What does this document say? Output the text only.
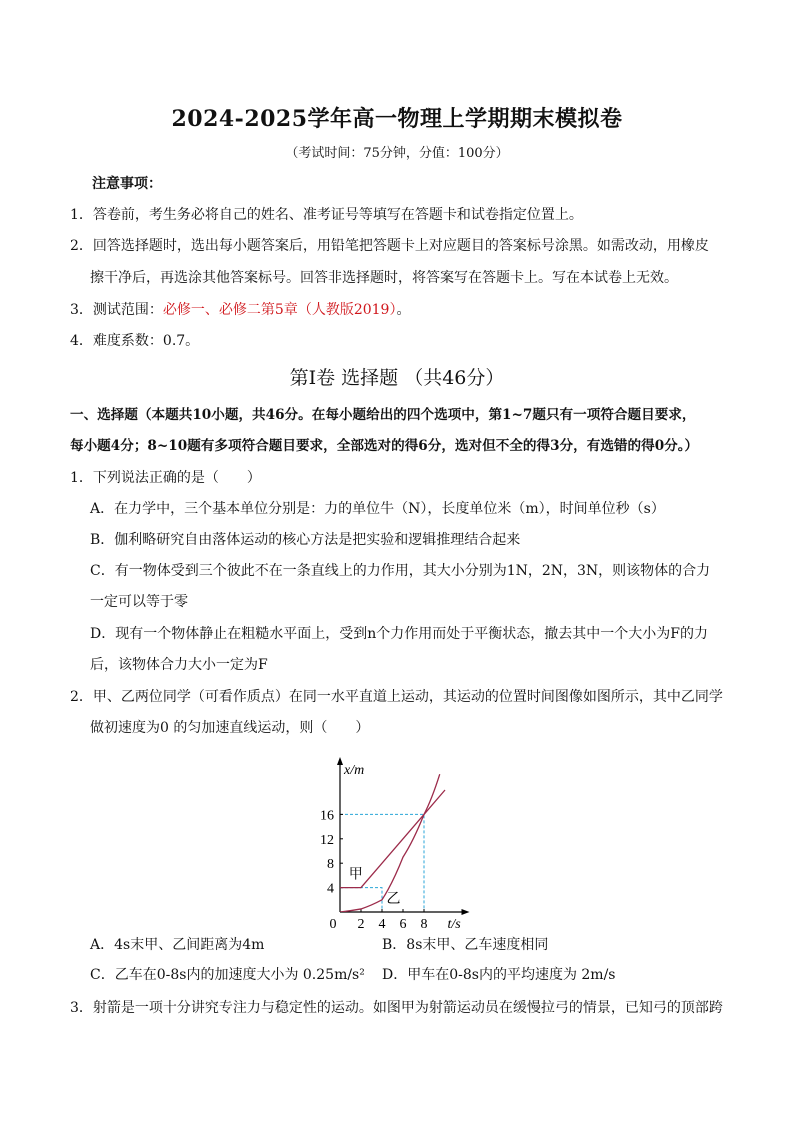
2024-2025学年高一物理上学期期末模拟卷
（考试时间：75分钟，分值：100分）
注意事项：
1．答卷前，考生务必将自己的姓名、准考证号等填写在答题卡和试卷指定位置上。
2．回答选择题时，选出每小题答案后，用铅笔把答题卡上对应题目的答案标号涂黑。如需改动，用橡皮
擦干净后，再选涂其他答案标号。回答非选择题时，将答案写在答题卡上。写在本试卷上无效。
3．测试范围：必修一、必修二第5章（人教版2019）。
4．难度系数：0.7。
第Ⅰ卷 选择题 （共46分）
一、选择题（本题共10小题，共46分。在每小题给出的四个选项中，第1~7题只有一项符合题目要求，
每小题4分；8~10题有多项符合题目要求，全部选对的得6分，选对但不全的得3分，有选错的得0分。）
1．下列说法正确的是（　　）
A．在力学中，三个基本单位分别是：力的单位牛（N），长度单位米（m），时间单位秒（s）
B．伽利略研究自由落体运动的核心方法是把实验和逻辑推理结合起来
C．有一物体受到三个彼此不在一条直线上的力作用，其大小分别为1N，2N，3N，则该物体的合力
一定可以等于零
D．现有一个物体静止在粗糙水平面上，受到n个力作用而处于平衡状态，撤去其中一个大小为F的力
后，该物体合力大小一定为F
2．甲、乙两位同学（可看作质点）在同一水平直道上运动，其运动的位置时间图像如图所示，其中乙同学
做初速度为0 的匀加速直线运动，则（　　）
0 2 4 6 8
4
8
12
16
t/s
x/m
甲
乙
A．4s末甲、乙间距离为4m	B．8s末甲、乙车速度相同
C．乙车在0-8s内的加速度大小为 0.25m/s² D．甲车在0-8s内的平均速度为 2m/s
3．射箭是一项十分讲究专注力与稳定性的运动。如图甲为射箭运动员在缓慢拉弓的情景，已知弓的顶部跨
